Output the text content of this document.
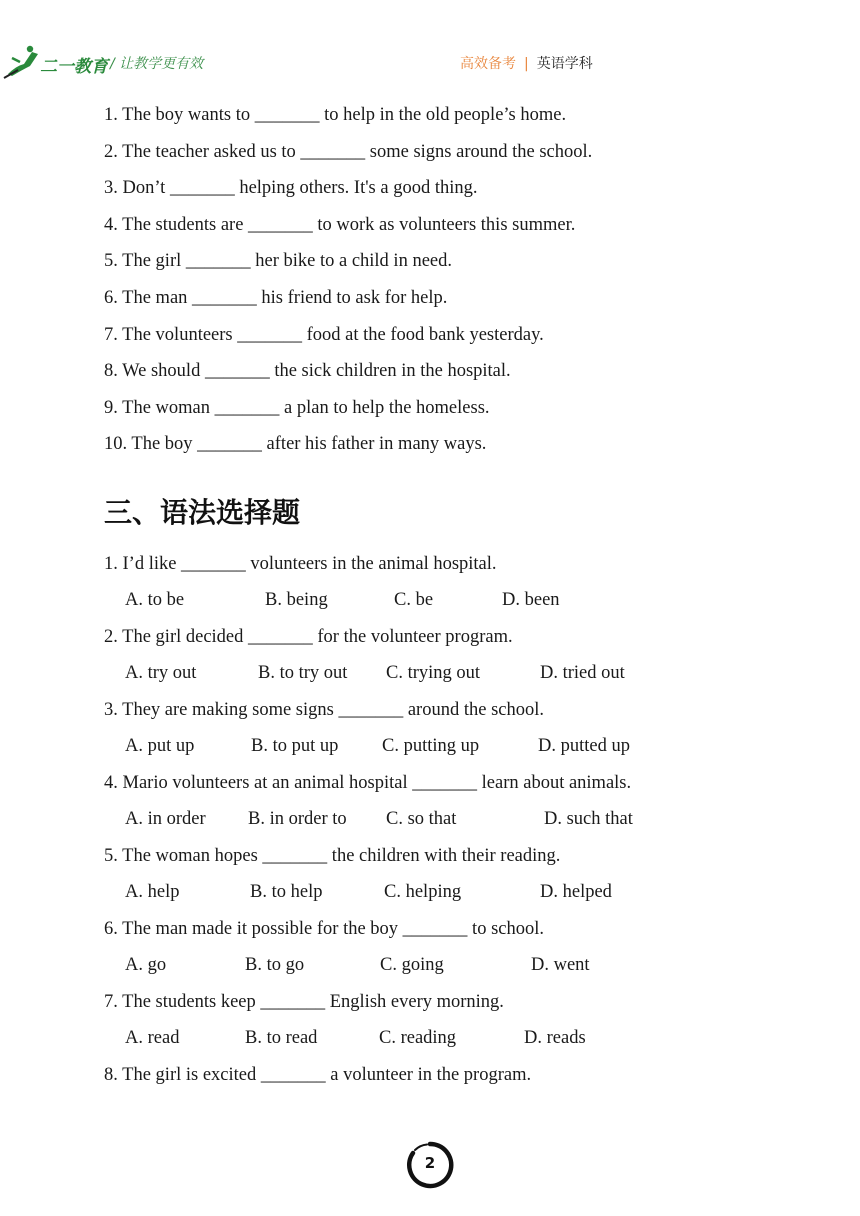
二一教育 / 让教学更有效	高效备考 | 英语学科
1. The boy wants to _______ to help in the old people’s home.
2. The teacher asked us to _______ some signs around the school.
3. Don’t _______ helping others. It's a good thing.
4. The students are _______ to work as volunteers this summer.
5. The girl _______ her bike to a child in need.
6. The man _______ his friend to ask for help.
7. The volunteers _______ food at the food bank yesterday.
8. We should _______ the sick children in the hospital.
9. The woman _______ a plan to help the homeless.
10. The boy _______ after his father in many ways.
三、语法选择题
1. I’d like _______ volunteers in the animal hospital.
A. to be	B. being	C. be	D. been
2. The girl decided _______ for the volunteer program.
A. try out	B. to try out C. trying out	D. tried out
3. They are making some signs _______ around the school.
A. put up	B. to put up C. putting up	D. putted up
4. Mario volunteers at an animal hospital _______ learn about animals.
A. in order B. in order to C. so that	D. such that
5. The woman hopes _______ the children with their reading.
A. help	B. to help	C. helping	D. helped
6. The man made it possible for the boy _______ to school.
A. go	B. to go	C. going	D. went
7. The students keep _______ English every morning.
A. read	B. to read	C. reading	D. reads
8. The girl is excited _______ a volunteer in the program.
2
